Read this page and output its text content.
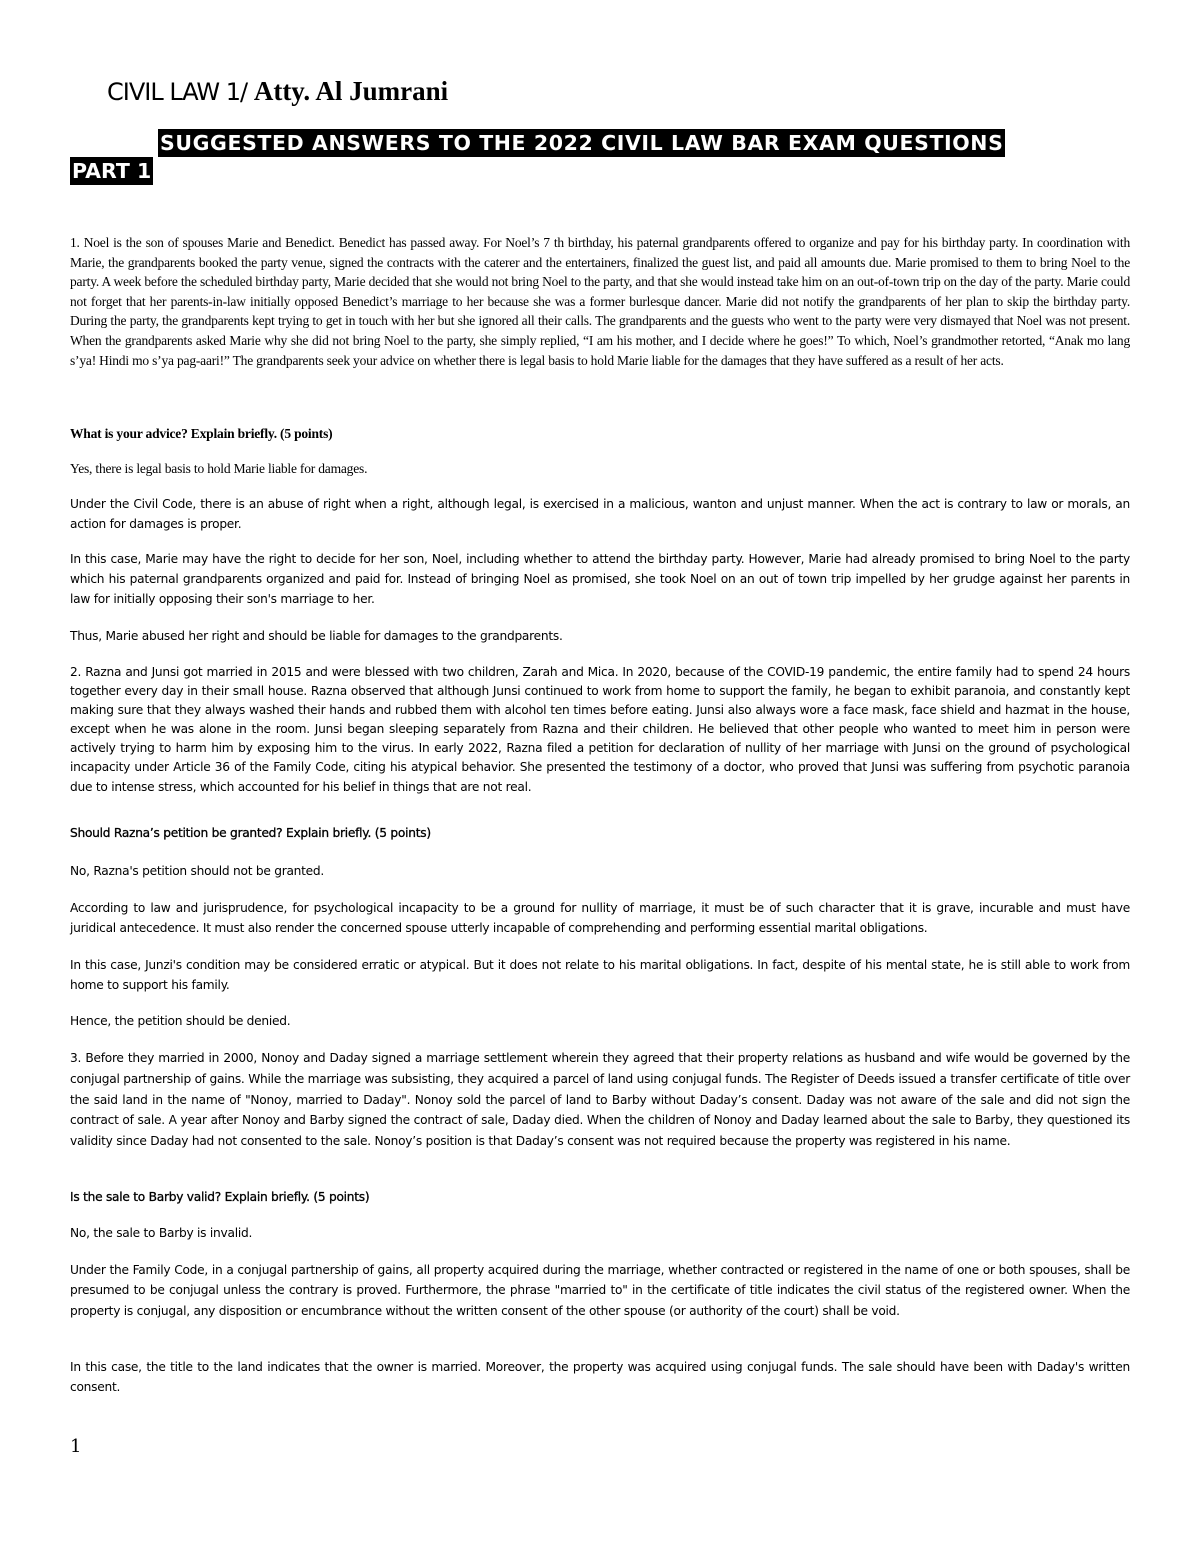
CIVIL LAW 1/ Atty. Al Jumrani
SUGGESTED ANSWERS TO THE 2022 CIVIL LAW BAR EXAM QUESTIONS
PART 1

1. Noel is the son of spouses Marie and Benedict. Benedict has passed away. For Noel’s 7 th birthday, his paternal grandparents offered to organize and pay for his birthday party. In coordination with Marie, the grandparents booked the party venue, signed the contracts with the caterer and the entertainers, finalized the guest list, and paid all amounts due. Marie promised to them to bring Noel to the party. A week before the scheduled birthday party, Marie decided that she would not bring Noel to the party, and that she would instead take him on an out-of-town trip on the day of the party. Marie could not forget that her parents-in-law initially opposed Benedict’s marriage to her because she was a former burlesque dancer. Marie did not notify the grandparents of her plan to skip the birthday party. During the party, the grandparents kept trying to get in touch with her but she ignored all their calls. The grandparents and the guests who went to the party were very dismayed that Noel was not present. When the grandparents asked Marie why she did not bring Noel to the party, she simply replied, “I am his mother, and I decide where he goes!” To which, Noel’s grandmother retorted, “Anak mo lang s’ya! Hindi mo s’ya pag-aari!” The grandparents seek your advice on whether there is legal basis to hold Marie liable for the damages that they have suffered as a result of her acts.

What is your advice? Explain briefly. (5 points)

Yes, there is legal basis to hold Marie liable for damages.

Under the Civil Code, there is an abuse of right when a right, although legal, is exercised in a malicious, wanton and unjust manner. When the act is contrary to law or morals, an action for damages is proper.

In this case, Marie may have the right to decide for her son, Noel, including whether to attend the birthday party. However, Marie had already promised to bring Noel to the party which his paternal grandparents organized and paid for. Instead of bringing Noel as promised, she took Noel on an out of town trip impelled by her grudge against her parents in law for initially opposing their son's marriage to her.

Thus, Marie abused her right and should be liable for damages to the grandparents.

2. Razna and Junsi got married in 2015 and were blessed with two children, Zarah and Mica. In 2020, because of the COVID-19 pandemic, the entire family had to spend 24 hours together every day in their small house. Razna observed that although Junsi continued to work from home to support the family, he began to exhibit paranoia, and constantly kept making sure that they always washed their hands and rubbed them with alcohol ten times before eating. Junsi also always wore a face mask, face shield and hazmat in the house, except when he was alone in the room. Junsi began sleeping separately from Razna and their children. He believed that other people who wanted to meet him in person were actively trying to harm him by exposing him to the virus. In early 2022, Razna filed a petition for declaration of nullity of her marriage with Junsi on the ground of psychological incapacity under Article 36 of the Family Code, citing his atypical behavior. She presented the testimony of a doctor, who proved that Junsi was suffering from psychotic paranoia due to intense stress, which accounted for his belief in things that are not real.

Should Razna’s petition be granted? Explain briefly. (5 points)

No, Razna's petition should not be granted.

According to law and jurisprudence, for psychological incapacity to be a ground for nullity of marriage, it must be of such character that it is grave, incurable and must have juridical antecedence. It must also render the concerned spouse utterly incapable of comprehending and performing essential marital obligations.

In this case, Junzi's condition may be considered erratic or atypical. But it does not relate to his marital obligations. In fact, despite of his mental state, he is still able to work from home to support his family.

Hence, the petition should be denied.

3. Before they married in 2000, Nonoy and Daday signed a marriage settlement wherein they agreed that their property relations as husband and wife would be governed by the conjugal partnership of gains. While the marriage was subsisting, they acquired a parcel of land using conjugal funds. The Register of Deeds issued a transfer certificate of title over the said land in the name of "Nonoy, married to Daday". Nonoy sold the parcel of land to Barby without Daday’s consent. Daday was not aware of the sale and did not sign the contract of sale. A year after Nonoy and Barby signed the contract of sale, Daday died. When the children of Nonoy and Daday learned about the sale to Barby, they questioned its validity since Daday had not consented to the sale. Nonoy’s position is that Daday’s consent was not required because the property was registered in his name.

Is the sale to Barby valid? Explain briefly. (5 points)

No, the sale to Barby is invalid.

Under the Family Code, in a conjugal partnership of gains, all property acquired during the marriage, whether contracted or registered in the name of one or both spouses, shall be presumed to be conjugal unless the contrary is proved. Furthermore, the phrase "married to" in the certificate of title indicates the civil status of the registered owner. When the property is conjugal, any disposition or encumbrance without the written consent of the other spouse (or authority of the court) shall be void.

In this case, the title to the land indicates that the owner is married. Moreover, the property was acquired using conjugal funds. The sale should have been with Daday's written consent.

1
